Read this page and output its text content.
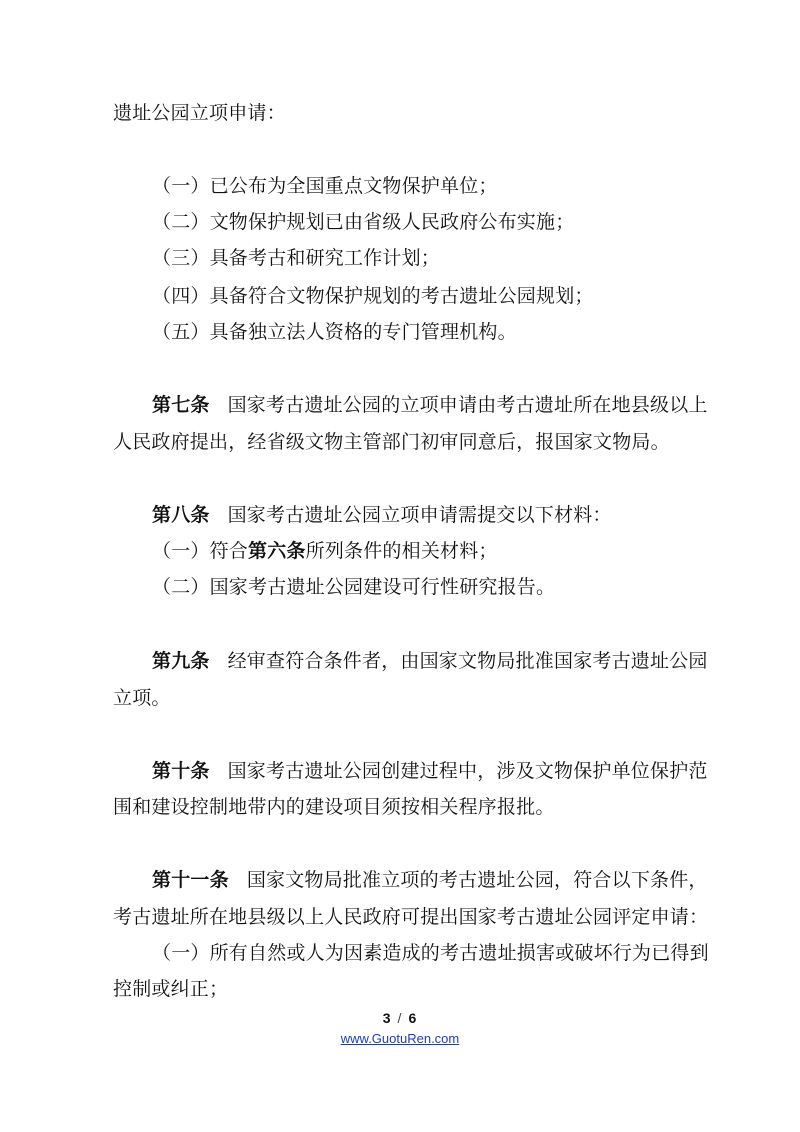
遗址公园立项申请：
（一）已公布为全国重点文物保护单位；
（二）文物保护规划已由省级人民政府公布实施；
（三）具备考古和研究工作计划；
（四）具备符合文物保护规划的考古遗址公园规划；
（五）具备独立法人资格的专门管理机构。
第七条 国家考古遗址公园的立项申请由考古遗址所在地县级以上
人民政府提出，经省级文物主管部门初审同意后，报国家文物局。
第八条 国家考古遗址公园立项申请需提交以下材料：
（一）符合第六条所列条件的相关材料；
（二）国家考古遗址公园建设可行性研究报告。
第九条 经审查符合条件者，由国家文物局批准国家考古遗址公园
立项。
第十条 国家考古遗址公园创建过程中，涉及文物保护单位保护范
围和建设控制地带内的建设项目须按相关程序报批。
第十一条 国家文物局批准立项的考古遗址公园，符合以下条件，
考古遗址所在地县级以上人民政府可提出国家考古遗址公园评定申请：
（一）所有自然或人为因素造成的考古遗址损害或破坏行为已得到
控制或纠正；
3 / 6
www.GuotuRen.com
